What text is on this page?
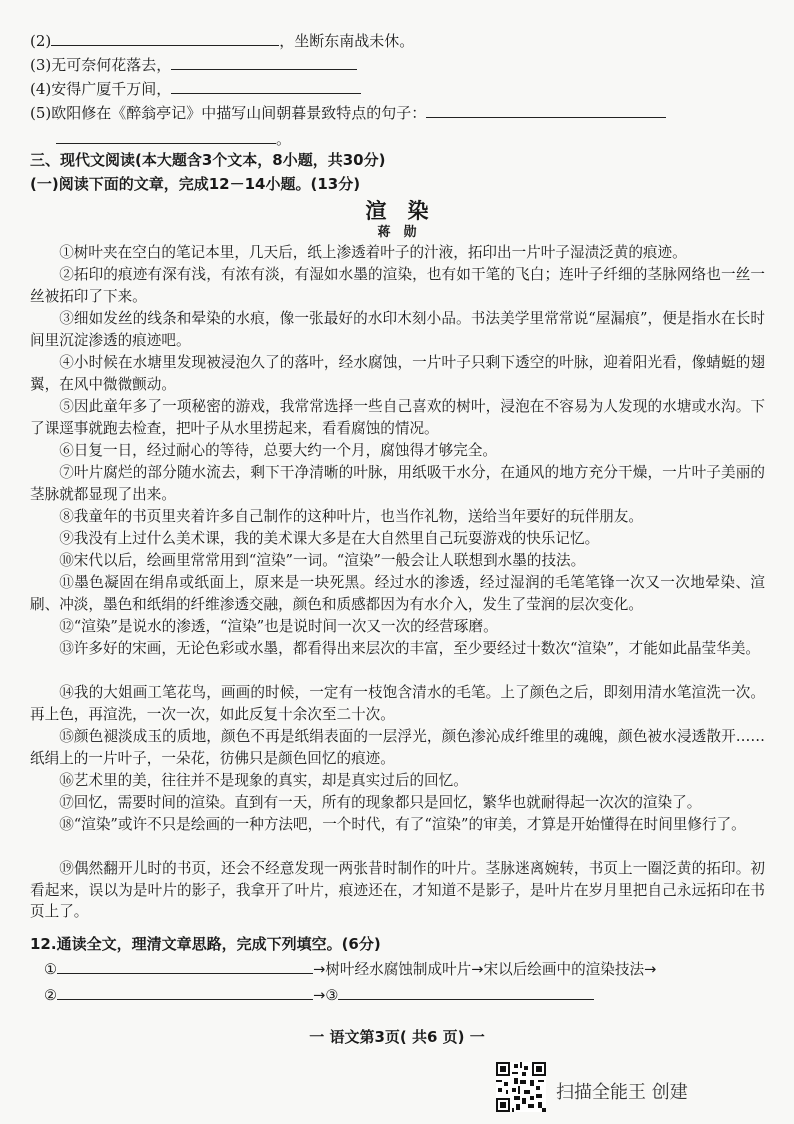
(2)	，坐断东南战未休。
(3)无可奈何花落去，
(4)安得广厦千万间，
(5)欧阳修在《醉翁亭记》中描写山间朝暮景致特点的句子：
。
三、现代文阅读(本大题含3个文本，8小题，共30分)
(一)阅读下面的文章，完成12－14小题。(13分)
渲　染
蒋　勋
①树叶夹在空白的笔记本里，几天后，纸上渗透着叶子的汁液，拓印出一片叶子湿渍泛黄的痕迹。
②拓印的痕迹有深有浅，有浓有淡，有湿如水墨的渲染，也有如干笔的飞白；连叶子纤细的茎脉网络也一丝一丝被拓印了下来。
③细如发丝的线条和晕染的水痕，像一张最好的水印木刻小品。书法美学里常常说“屋漏痕”，便是指水在长时间里沉淀渗透的痕迹吧。
④小时候在水塘里发现被浸泡久了的落叶，经水腐蚀，一片叶子只剩下透空的叶脉，迎着阳光看，像蜻蜓的翅翼，在风中微微颤动。
⑤因此童年多了一项秘密的游戏，我常常选择一些自己喜欢的树叶，浸泡在不容易为人发现的水塘或水沟。下了课逕事就跑去检查，把叶子从水里捞起来，看看腐蚀的情况。
⑥日复一日，经过耐心的等待，总要大约一个月，腐蚀得才够完全。
⑦叶片腐烂的部分随水流去，剩下干净清晰的叶脉，用纸吸干水分，在通风的地方充分干燥，一片叶子美丽的茎脉就都显现了出来。
⑧我童年的书页里夹着许多自己制作的这种叶片，也当作礼物，送给当年要好的玩伴朋友。
⑨我没有上过什么美术课，我的美术课大多是在大自然里自己玩耍游戏的快乐记忆。
⑩宋代以后，绘画里常常用到“渲染”一词。“渲染”一般会让人联想到水墨的技法。
⑪墨色凝固在绢帛或纸面上，原来是一块死黑。经过水的渗透，经过湿润的毛笔笔锋一次又一次地晕染、渲刷、冲淡，墨色和纸绢的纤维渗透交融，颜色和质感都因为有水介入，发生了莹润的层次变化。
⑫“渲染”是说水的渗透，“渲染”也是说时间一次又一次的经营琢磨。
⑬许多好的宋画，无论色彩或水墨，都看得出来层次的丰富，至少要经过十数次“渲染”，才能如此晶莹华美。
⑭我的大姐画工笔花鸟，画画的时候，一定有一枝饱含清水的毛笔。上了颜色之后，即刻用清水笔渲洗一次。再上色，再渲洗，一次一次，如此反复十余次至二十次。
⑮颜色褪淡成玉的质地，颜色不再是纸绢表面的一层浮光，颜色渗沁成纤维里的魂魄，颜色被水浸透散开……纸绢上的一片叶子，一朵花，彷佛只是颜色回忆的痕迹。
⑯艺术里的美，往往并不是现象的真实，却是真实过后的回忆。
⑰回忆，需要时间的渲染。直到有一天，所有的现象都只是回忆，繁华也就耐得起一次次的渲染了。
⑱“渲染”或许不只是绘画的一种方法吧，一个时代，有了“渲染”的审美，才算是开始懂得在时间里修行了。
⑲偶然翻开儿时的书页，还会不经意发现一两张昔时制作的叶片。茎脉迷离婉转，书页上一圈泛黄的拓印。初看起来，误以为是叶片的影子，我拿开了叶片，痕迹还在，才知道不是影子，是叶片在岁月里把自己永远拓印在书页上了。
12.通读全文，理清文章思路，完成下列填空。(6分)
①	→树叶经水腐蚀制成叶片→宋以后绘画中的渲染技法→
②	→③
一 语文第3页( 共6 页) 一
扫描全能王 创建
